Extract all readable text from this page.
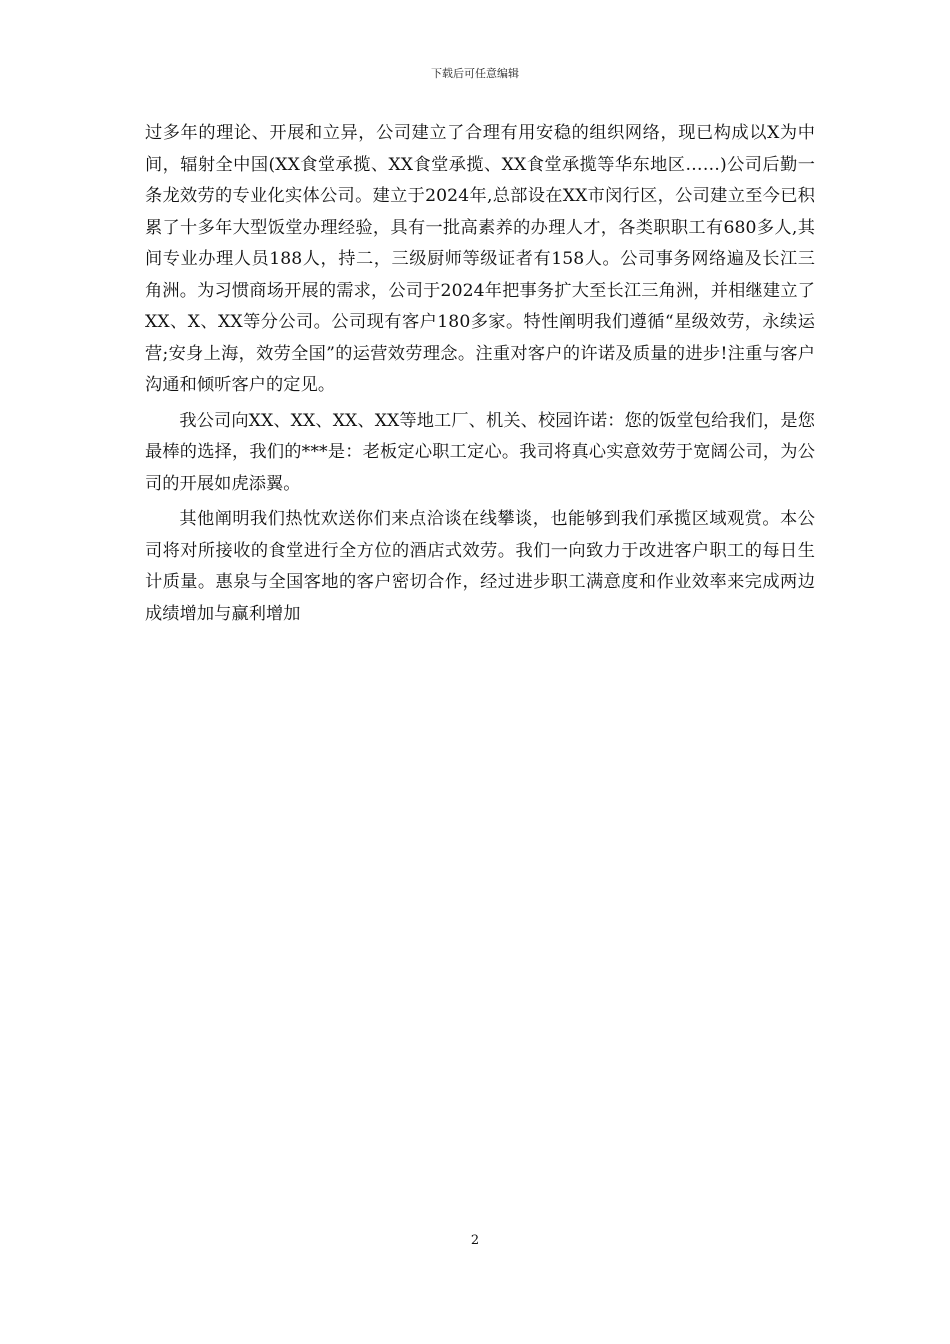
下载后可任意编辑

过多年的理论、开展和立异，公司建立了合理有用安稳的组织网络，现已构成以X为中间，辐射全中国(XX食堂承揽、XX食堂承揽、XX食堂承揽等华东地区……)公司后勤一条龙效劳的专业化实体公司。建立于2024年,总部设在XX市闵行区，公司建立至今已积累了十多年大型饭堂办理经验，具有一批高素养的办理人才，各类职职工有680多人,其间专业办理人员188人，持二，三级厨师等级证者有158人。公司事务网络遍及长江三角洲。为习惯商场开展的需求，公司于2024年把事务扩大至长江三角洲，并相继建立了XX、X、XX等分公司。公司现有客户180多家。特性阐明我们遵循“星级效劳，永续运营;安身上海，效劳全国”的运营效劳理念。注重对客户的许诺及质量的进步!注重与客户沟通和倾听客户的定见。

我公司向XX、XX、XX、XX等地工厂、机关、校园许诺：您的饭堂包给我们，是您最棒的选择，我们的***是：老板定心职工定心。我司将真心实意效劳于宽阔公司，为公司的开展如虎添翼。

其他阐明我们热忱欢送你们来点洽谈在线攀谈，也能够到我们承揽区域观赏。本公司将对所接收的食堂进行全方位的酒店式效劳。我们一向致力于改进客户职工的每日生计质量。惠泉与全国客地的客户密切合作，经过进步职工满意度和作业效率来完成两边成绩增加与赢利增加

2
